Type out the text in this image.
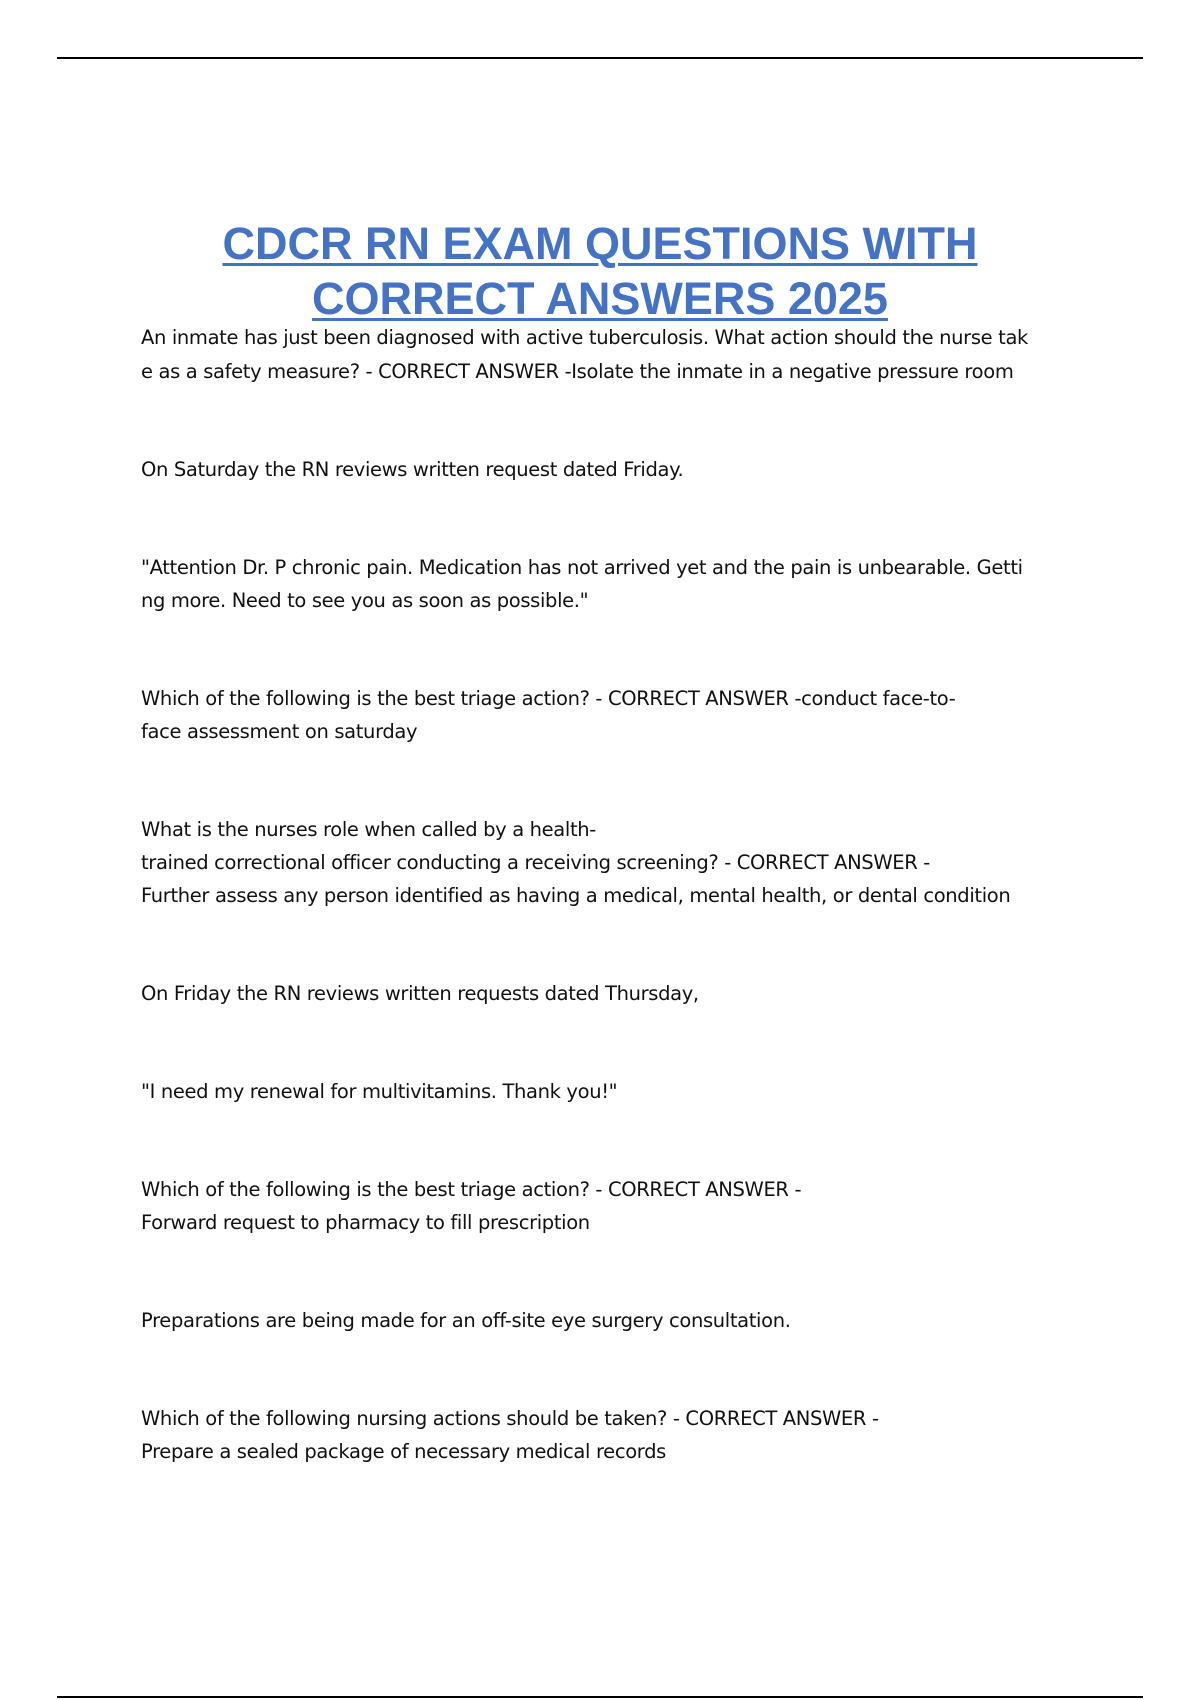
CDCR RN EXAM QUESTIONS WITH
CORRECT ANSWERS 2025
An inmate has just been diagnosed with active tuberculosis. What action should the nurse tak
e as a safety measure? - CORRECT ANSWER -Isolate the inmate in a negative pressure room
On Saturday the RN reviews written request dated Friday.
"Attention Dr. P chronic pain. Medication has not arrived yet and the pain is unbearable. Getti
ng more. Need to see you as soon as possible."
Which of the following is the best triage action? - CORRECT ANSWER -conduct face-to-
face assessment on saturday
What is the nurses role when called by a health-
trained correctional officer conducting a receiving screening? - CORRECT ANSWER -
Further assess any person identified as having a medical, mental health, or dental condition
On Friday the RN reviews written requests dated Thursday,
"I need my renewal for multivitamins. Thank you!"
Which of the following is the best triage action? - CORRECT ANSWER -
Forward request to pharmacy to fill prescription
Preparations are being made for an off-site eye surgery consultation.
Which of the following nursing actions should be taken? - CORRECT ANSWER -
Prepare a sealed package of necessary medical records
